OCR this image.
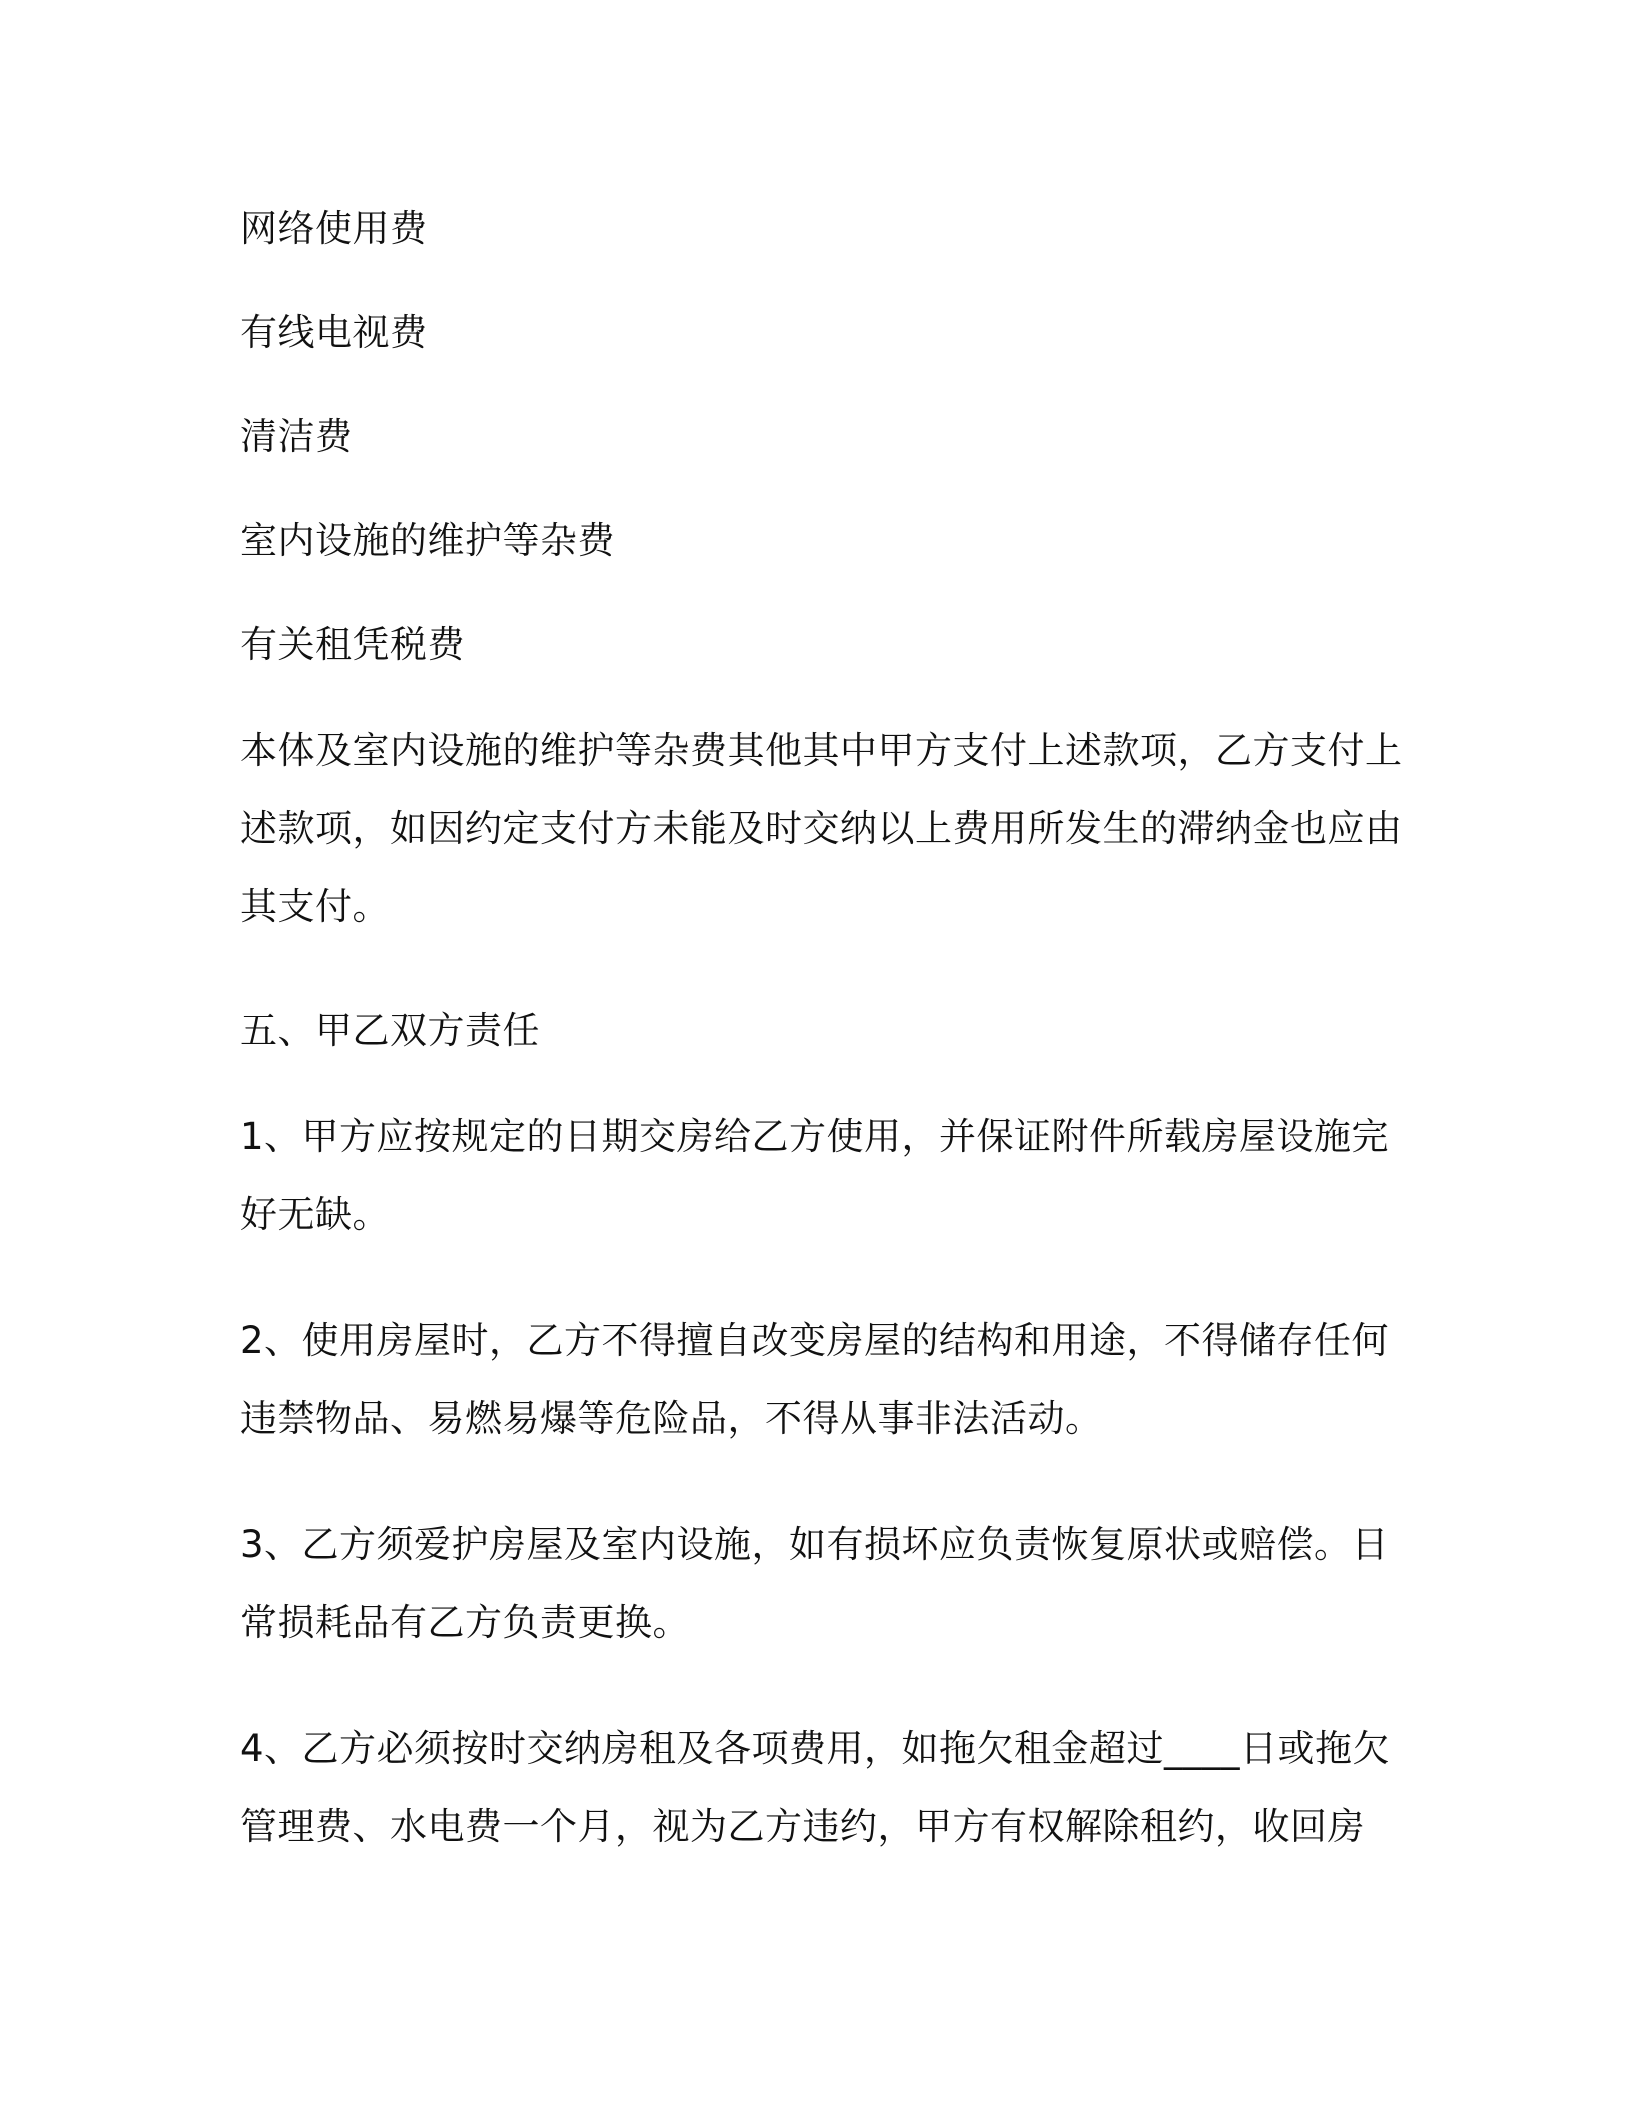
网络使用费

有线电视费

清洁费

室内设施的维护等杂费

有关租凭税费

本体及室内设施的维护等杂费其他其中甲方支付上述款项，乙方支付上述款项，如因约定支付方未能及时交纳以上费用所发生的滞纳金也应由其支付。

五、甲乙双方责任

1、甲方应按规定的日期交房给乙方使用，并保证附件所载房屋设施完好无缺。

2、使用房屋时，乙方不得擅自改变房屋的结构和用途，不得储存任何违禁物品、易燃易爆等危险品，不得从事非法活动。

3、乙方须爱护房屋及室内设施，如有损坏应负责恢复原状或赔偿。日常损耗品有乙方负责更换。

4、乙方必须按时交纳房租及各项费用，如拖欠租金超过____日或拖欠管理费、水电费一个月，视为乙方违约，甲方有权解除租约，收回房
